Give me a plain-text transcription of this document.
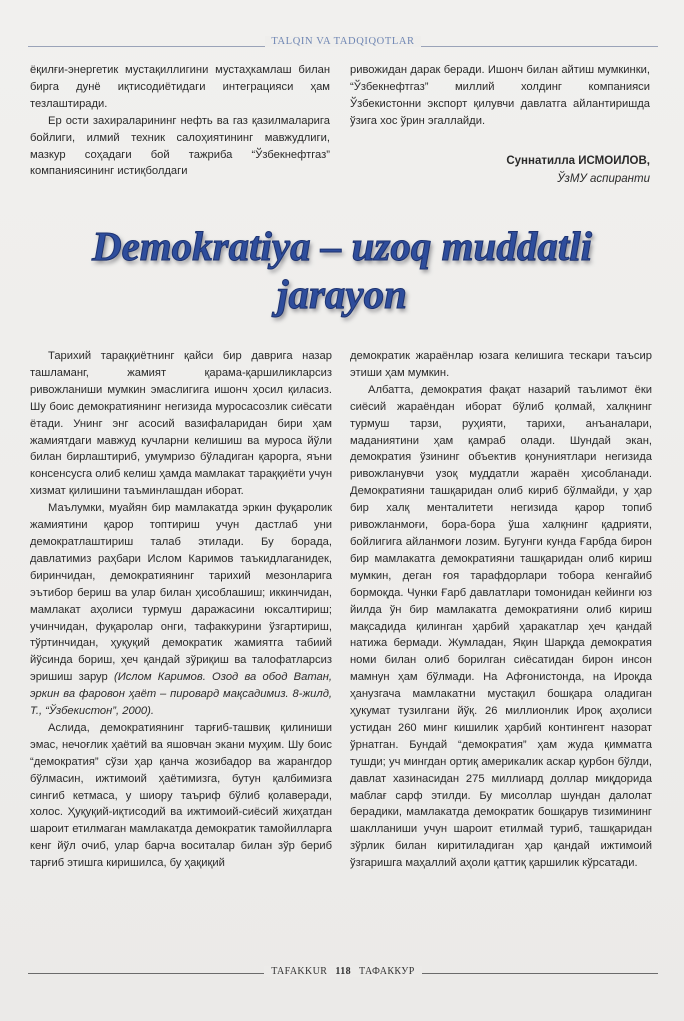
TALQIN VA TADQIQOTLAR

ёқилғи-энергетик мустақиллигини мустаҳкамлаш билан бирга дунё иқтисодиётидаги интеграцияси ҳам тезлаштиради.

Ер ости захираларининг нефть ва газ қазилмаларига бойлиги, илмий техник салоҳиятининг мавжудлиги, мазкур соҳадаги бой тажриба “Ўзбекнефтгаз” компаниясининг истиқболдаги

ривожидан дарак беради. Ишонч билан айтиш мумкинки, “Ўзбекнефтгаз” миллий холдинг компанияси Ўзбекистонни экспорт қилувчи давлатга айлантиришда ўзига хос ўрин эгаллайди.

Суннатилла ИСМОИЛОВ,
ЎзМУ аспиранти
Demokratiya – uzoq muddatli
jarayon

Тарихий тараққиётнинг қайси бир даврига назар ташламанг, жамият қарама-қаршиликларсиз ривожланиши мумкин эмаслигига ишонч ҳосил қиласиз. Шу боис демократиянинг негизида муросасозлик сиёсати ётади. Унинг энг асосий вазифаларидан бири ҳам жамиятдаги мавжуд кучларни келишиш ва муроса йўли билан бирлаштириб, умумризо бўладиган қарорга, яъни консенсусга олиб келиш ҳамда мамлакат тараққиёти учун хизмат қилишини таъминлашдан иборат.

Маълумки, муайян бир мамлакатда эркин фуқаролик жамиятини қарор топтириш учун дастлаб уни демократлаштириш талаб этилади. Бу борада, давлатимиз раҳбари Ислом Каримов таъкидлаганидек, биринчидан, демократиянинг тарихий мезонларига эътибор бериш ва улар билан ҳисоблашиш; иккинчидан, мамлакат аҳолиси турмуш даражасини юксалтириш; учинчидан, фуқаролар онги, тафаккурини ўзгартириш, тўртинчидан, ҳуқуқий демократик жамиятга табиий йўсинда бориш, ҳеч қандай зўриқиш ва талофатларсиз эришиш зарур (Ислом Каримов. Озод ва обод Ватан, эркин ва фаровон ҳаёт – пировард мақсадимиз. 8-жилд, Т., “Ўзбекистон”, 2000).

Аслида, демократиянинг тарғиб-ташвиқ қилиниши эмас, нечоғлик ҳаётий ва яшовчан экани муҳим. Шу боис “демократия” сўзи ҳар қанча жозибадор ва жарангдор бўлмасин, ижтимоий ҳаётимизга, бутун қалбимизга сингиб кетмаса, у шиору таъриф бўлиб қолаверади, холос. Ҳуқуқий-иқтисодий ва ижтимоий-сиёсий жиҳатдан шароит етилмаган мамлакатда демократик тамойилларга кенг йўл очиб, улар барча воситалар билан зўр бериб тарғиб этишга киришилса, бу ҳақиқий

демократик жараёнлар юзага келишига тескари таъсир этиши ҳам мумкин.

Албатта, демократия фақат назарий таълимот ёки сиёсий жараёндан иборат бўлиб қолмай, халқнинг турмуш тарзи, руҳияти, тарихи, анъаналари, маданиятини ҳам қамраб олади. Шундай экан, демократия ўзининг объектив қонуниятлари негизида ривожланувчи узоқ муддатли жараён ҳисобланади. Демократияни ташқаридан олиб кириб бўлмайди, у ҳар бир халқ менталитети негизида қарор топиб ривожланмоғи, бора-бора ўша халқнинг қадрияти, бойлигига айланмоғи лозим. Бугунги кунда Ғарбда бирон бир мамлакатга демократияни ташқаридан олиб кириш мумкин, деган ғоя тарафдорлари тобора кенгайиб бормоқда. Чунки Ғарб давлатлари томонидан кейинги юз йилда ўн бир мамлакатга демократияни олиб кириш мақсадида қилинган ҳарбий ҳаракатлар ҳеч қандай натижа бермади. Жумладан, Яқин Шарқда демократия номи билан олиб борилган сиёсатидан бирон инсон мамнун ҳам бўлмади. На Афғонистонда, на Ироқда ҳанузгача мамлакатни мустақил бошқара оладиган ҳукумат тузилгани йўқ. 26 миллионлик Ироқ аҳолиси устидан 260 минг кишилик ҳарбий контингент назорат ўрнатган. Бундай “демократия” ҳам жуда қимматга тушди; уч мингдан ортиқ америкалик аскар қурбон бўлди, давлат хазинасидан 275 миллиард доллар миқдорида маблағ сарф этилди. Бу мисоллар шундан далолат берадики, мамлакатда демократик бошқарув тизимининг шаклланиши учун шароит етилмай туриб, ташқаридан зўрлик билан киритиладиган ҳар қандай ижтимоий ўзгаришга маҳаллий аҳоли қаттиқ қаршилик кўрсатади.

TAFAKKUR 118 ТАФАККУР
